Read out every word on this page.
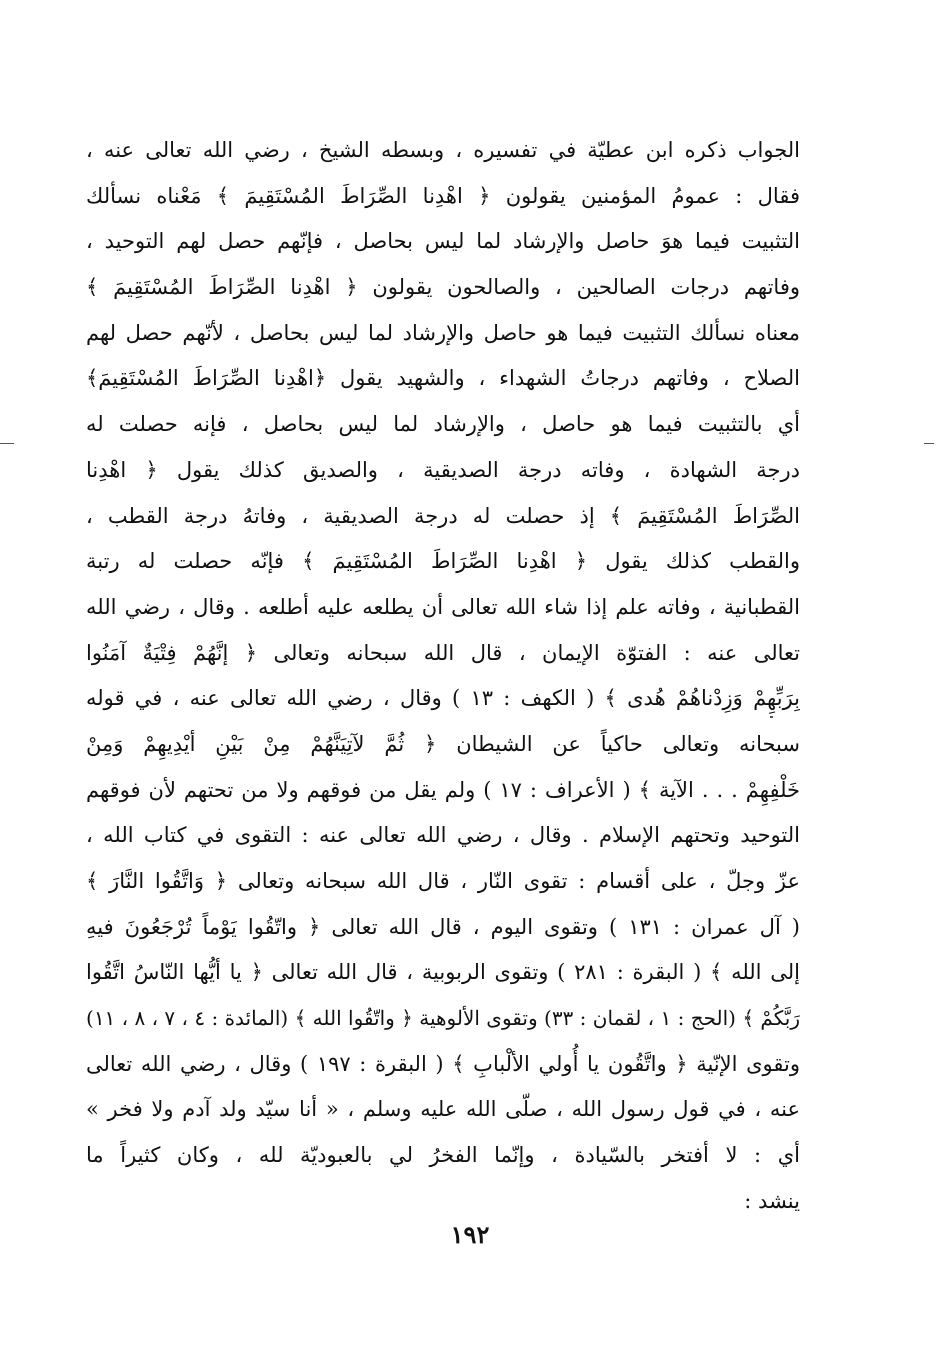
الجواب ذكره ابن عطيّة في تفسيره ، وبسطه الشيخ ، رضي الله تعالى عنه ،
فقال : عمومُ المؤمنين يقولون ﴿ اهْدِنا الصِّرَاطَ المُسْتَقِيمَ ﴾ مَعْناه نسألك
التثبيت فيما هوَ حاصل والإرشاد لما ليس بحاصل ، فإنّهم حصل لهم التوحيد ،
وفاتهم درجات الصالحين ، والصالحون يقولون ﴿ اهْدِنا الصِّرَاطَ المُسْتَقِيمَ ﴾
معناه نسألك التثبيت فيما هو حاصل والإرشاد لما ليس بحاصل ، لأنّهم حصل لهم
الصلاح ، وفاتهم درجاتُ الشهداء ، والشهيد يقول ﴿اهْدِنا الصِّرَاطَ المُسْتَقِيمَ﴾
أي بالتثبيت فيما هو حاصل ، والإرشاد لما ليس بحاصل ، فإنه حصلت له
درجة الشهادة ، وفاته درجة الصديقية ، والصديق كذلك يقول ﴿ اهْدِنا
الصِّرَاطَ المُسْتَقِيمَ ﴾ إذ حصلت له درجة الصديقية ، وفاتهُ درجة القطب ،
والقطب كذلك يقول ﴿ اهْدِنا الصِّرَاطَ المُسْتَقِيمَ ﴾ فإنّه حصلت له رتبة
القطبانية ، وفاته علم إذا شاء الله تعالى أن يطلعه عليه أطلعه . وقال ، رضي الله
تعالى عنه : الفتوّة الإيمان ، قال الله سبحانه وتعالى ﴿ إنَّهُمْ فِتْيَةٌ آمَنُوا
بِرَبِّهِمْ وَزِدْناهُمْ هُدى ﴾ ( الكهف : ١٣ ) وقال ، رضي الله تعالى عنه ، في قوله
سبحانه وتعالى حاكياً عن الشيطان ﴿ ثُمَّ لآتِيَنَّهُمْ مِنْ بَيْنِ أيْدِيهِمْ وَمِنْ
خَلْفِهِمْ . . . الآية ﴾ ( الأعراف : ١٧ ) ولم يقل من فوقهم ولا من تحتهم لأن فوقهم
التوحيد وتحتهم الإسلام . وقال ، رضي الله تعالى عنه : التقوى في كتاب الله ،
عزّ وجلّ ، على أقسام : تقوى النّار ، قال الله سبحانه وتعالى ﴿ وَاتَّقُوا النَّارَ ﴾
( آل عمران : ١٣١ ) وتقوى اليوم ، قال الله تعالى ﴿ واتّقُوا يَوْماً تُرْجَعُونَ فيهِ
إلى الله ﴾ ( البقرة : ٢٨١ ) وتقوى الربوبية ، قال الله تعالى ﴿ يا أيُّها النّاسُ اتَّقُوا
رَبَّكُمْ ﴾ (الحج : ١ ، لقمان : ٣٣) وتقوى الألوهية ﴿ واتّقُوا الله ﴾ (المائدة : ٤ ، ٧ ، ٨ ، ١١)
وتقوى الإنّية ﴿ واتَّقُون يا أُولي الألْبابِ ﴾ ( البقرة : ١٩٧ ) وقال ، رضي الله تعالى
عنه ، في قول رسول الله ، صلّى الله عليه وسلم ، « أنا سيّد ولد آدم ولا فخر »
أي : لا أفتخر بالسّيادة ، وإنّما الفخرُ لي بالعبوديّة لله ، وكان كثيراً ما
ينشد :
١٩٢
